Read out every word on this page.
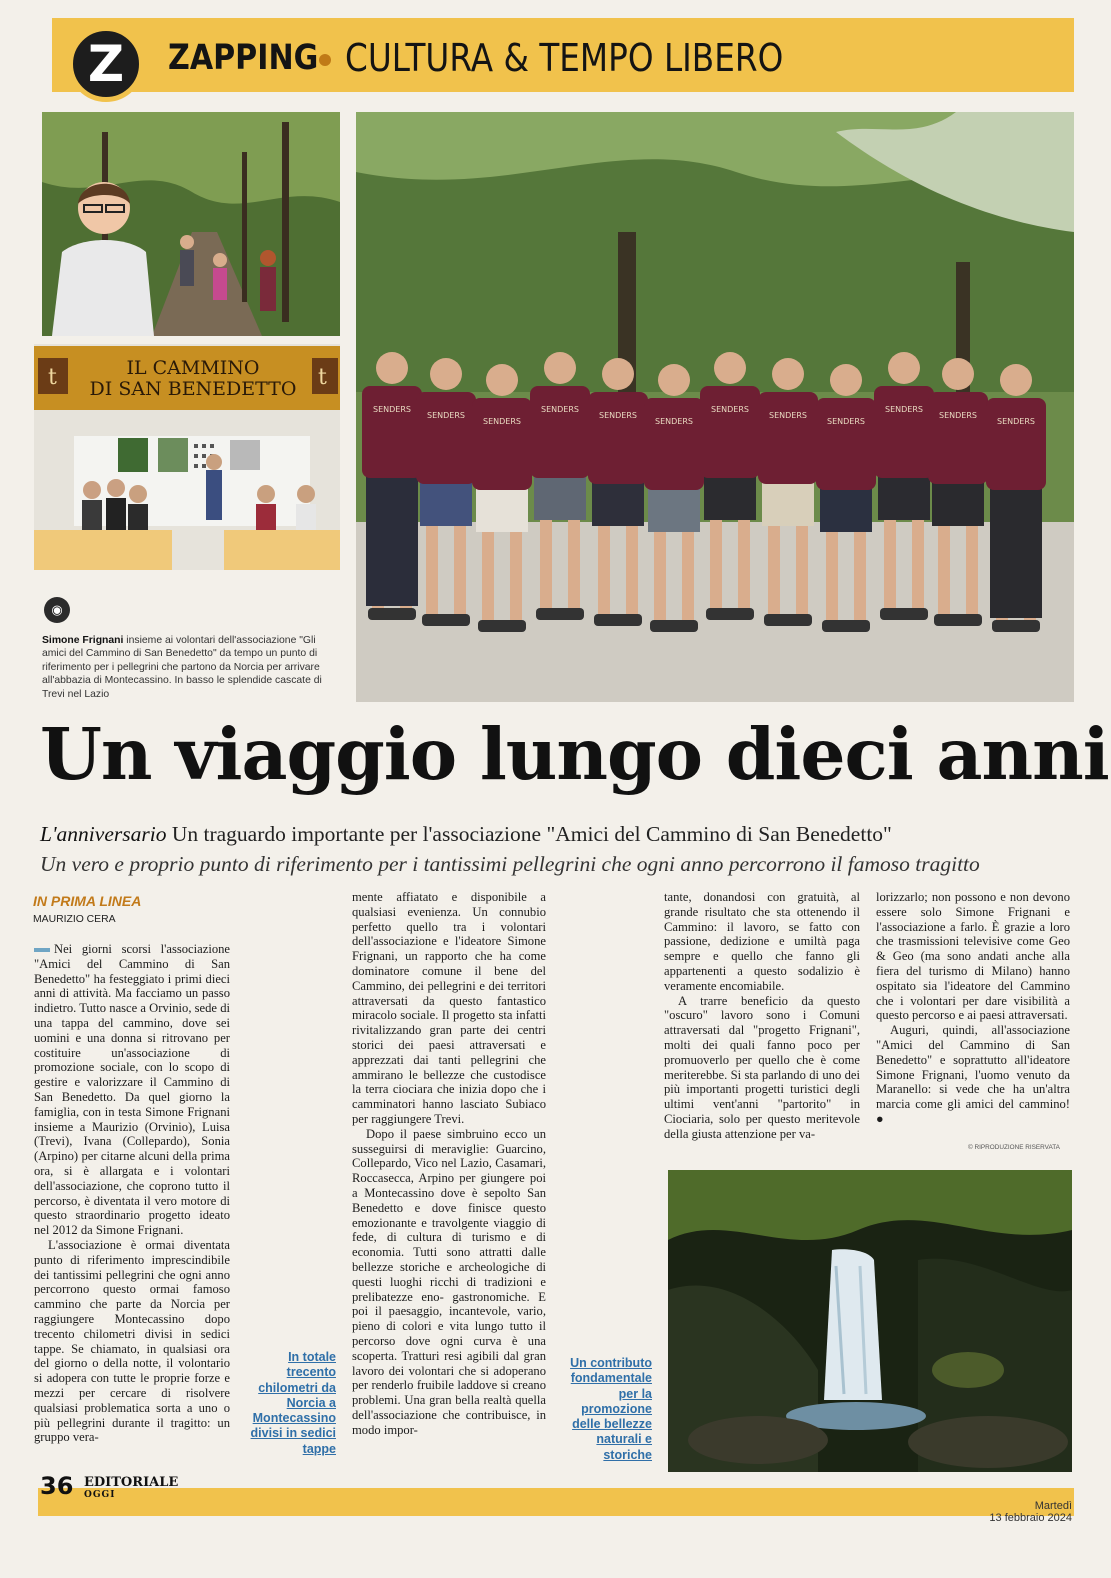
Z ZAPPING CULTURA & TEMPO LIBERO
t	t
IL CAMMINO
DI SAN BENEDETTO
SENDERS
SENDERS
SENDERS
SENDERS
SENDERS
SENDERS
SENDERS
SENDERS
SENDERS
SENDERS
SENDERS
SENDERS
◉
Simone Frignani insieme ai volontari dell'associazione "Gli amici del Cammino di San Benedetto" da tempo un punto di riferimento per i pellegrini che partono da Norcia per arrivare all'abbazia di Montecassino. In basso le splendide cascate di Trevi nel Lazio
Un viaggio lungo dieci anni
L'anniversario Un traguardo importante per l'associazione "Amici del Cammino di San Benedetto"
Un vero e proprio punto di riferimento per i tantissimi pellegrini che ogni anno percorrono il famoso tragitto
IN PRIMA LINEA
MAURIZIO CERA

Nei giorni scorsi l'associazione "Amici del Cammino di San Benedetto" ha festeggiato i primi dieci anni di attività. Ma facciamo un passo indietro. Tutto nasce a Orvinio, sede di una tappa del cammino, dove sei uomini e una donna si ritrovano per costituire un'associazione di promozione sociale, con lo scopo di gestire e valorizzare il Cammino di San Benedetto. Da quel giorno la famiglia, con in testa Simone Frignani insieme a Maurizio (Orvinio), Luisa (Trevi), Ivana (Collepardo), Sonia (Arpino) per citarne alcuni della prima ora, si è allargata e i volontari dell'associazione, che coprono tutto il percorso, è diventata il vero motore di questo straordinario progetto ideato nel 2012 da Simone Frignani.

L'associazione è ormai diventata punto di riferimento imprescindibile dei tantissimi pellegrini che ogni anno percorrono questo ormai famoso cammino che parte da Norcia per raggiungere Montecassino dopo trecento chilometri divisi in sedici tappe. Se chiamato, in qualsiasi ora del giorno o della notte, il volontario si adopera con tutte le proprie forze e mezzi per cercare di risolvere qualsiasi problematica sorta a uno o più pellegrini durante il tragitto: un gruppo vera-

mente affiatato e disponibile a qualsiasi evenienza. Un connubio perfetto quello tra i volontari dell'associazione e l'ideatore Simone Frignani, un rapporto che ha come dominatore comune il bene del Cammino, dei pellegrini e dei territori attraversati da questo fantastico miracolo sociale. Il progetto sta infatti rivitalizzando gran parte dei centri storici dei paesi attraversati e apprezzati dai tanti pellegrini che ammirano le bellezze che custodisce la terra ciociara che inizia dopo che i camminatori hanno lasciato Subiaco per raggiungere Trevi.

Dopo il paese simbruino ecco un susseguirsi di meraviglie: Guarcino, Collepardo, Vico nel Lazio, Casamari, Roccasecca, Arpino per giungere poi a Montecassino dove è sepolto San Benedetto e dove finisce questo emozionante e travolgente viaggio di fede, di cultura di turismo e di economia. Tutti sono attratti dalle bellezze storiche e archeologiche di questi luoghi ricchi di tradizioni e prelibatezze eno- gastronomiche. E poi il paesaggio, incantevole, vario, pieno di colori e vita lungo tutto il percorso dove ogni curva è una scoperta. Tratturi resi agibili dal gran lavoro dei volontari che si adoperano per renderlo fruibile laddove si creano problemi. Una gran bella realtà quella dell'associazione che contribuisce, in modo impor-

tante, donandosi con gratuità, al grande risultato che sta ottenendo il Cammino: il lavoro, se fatto con passione, dedizione e umiltà paga sempre e quello che fanno gli appartenenti a questo sodalizio è veramente encomiabile.

A trarre beneficio da questo "oscuro" lavoro sono i Comuni attraversati dal "progetto Frignani", molti dei quali fanno poco per promuoverlo per quello che è come meriterebbe. Si sta parlando di uno dei più importanti progetti turistici degli ultimi vent'anni "partorito" in Ciociaria, solo per questo meritevole della giusta attenzione per va-

lorizzarlo; non possono e non devono essere solo Simone Frignani e l'associazione a farlo. È grazie a loro che trasmissioni televisive come Geo & Geo (ma sono andati anche alla fiera del turismo di Milano) hanno ospitato sia l'ideatore del Cammino che i volontari per dare visibilità a questo percorso e ai paesi attraversati.

Auguri, quindi, all'associazione "Amici del Cammino di San Benedetto" e soprattutto all'ideatore Simone Frignani, l'uomo venuto da Maranello: si vede che ha un'altra marcia come gli amici del cammino! ●

© RIPRODUZIONE RISERVATA
In totale trecento chilometri da Norcia a Montecassino divisi in sedici tappe
Un contributo fondamentale per la promozione delle bellezze naturali e storiche
36 EDITORIALE
OGGI
Martedì
13 febbraio 2024
